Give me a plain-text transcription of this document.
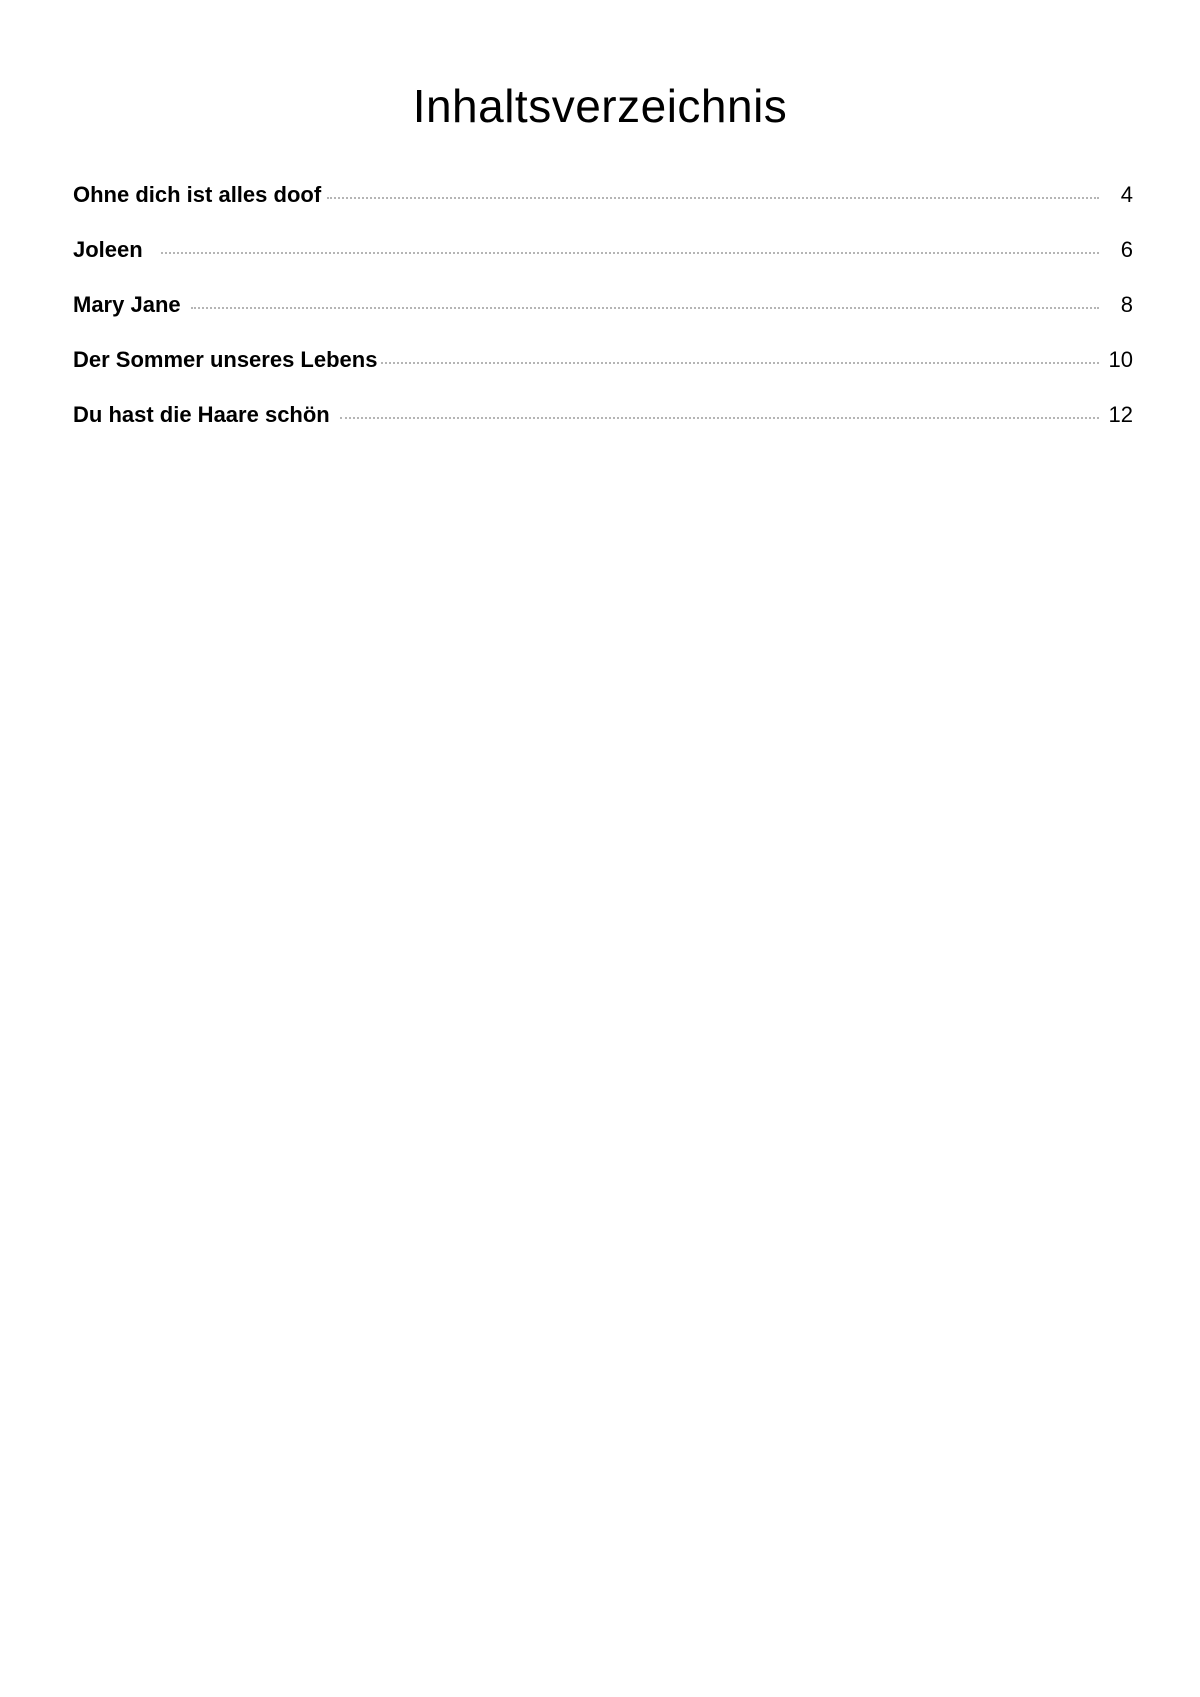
Inhaltsverzeichnis
Ohne dich ist alles doof	4
Joleen	6
Mary Jane	8
Der Sommer unseres Lebens	10
Du hast die Haare schön	12
